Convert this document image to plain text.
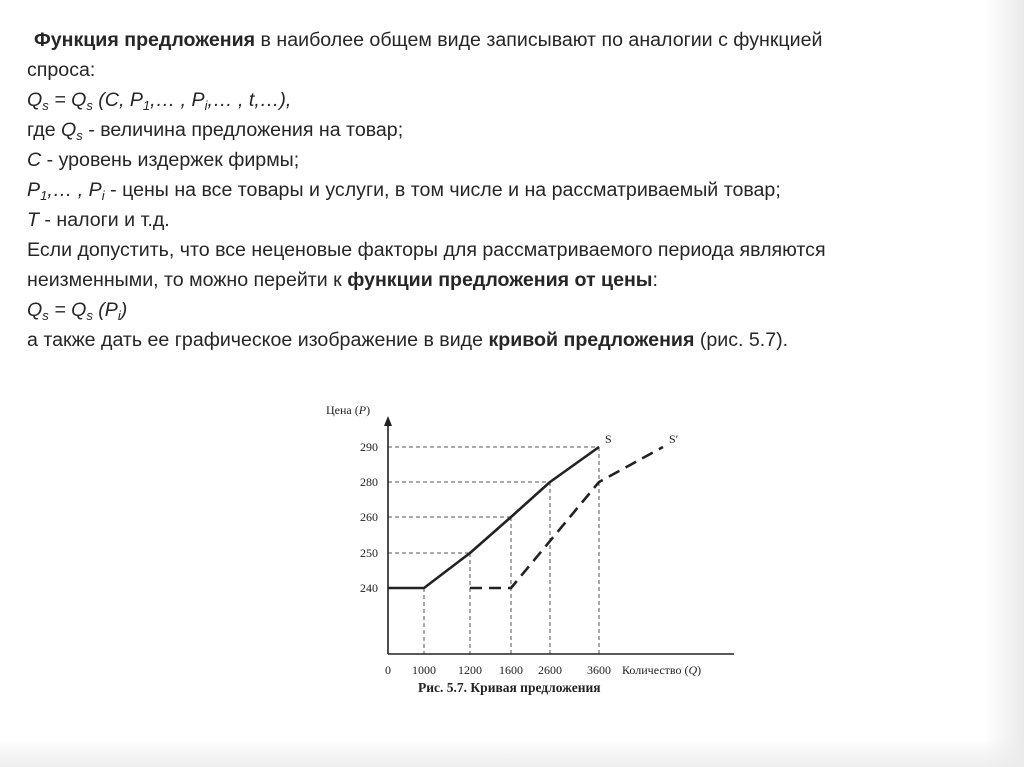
Функция предложения в наиболее общем виде записывают по аналогии с функцией
спроса:
$Q_s = Q_s$ (C, $P_1,\dots$ , $P_i,\dots$ , t,…),
где $Q_s$ - величина предложения на товар;
C - уровень издержек фирмы;
$P_1,\dots$ , $P_i$ - цены на все товары и услуги, в том числе и на рассматриваемый товар;
T - налоги и т.д.
Если допустить, что все неценовые факторы для рассматриваемого периода являются
неизменными, то можно перейти к функции предложения от цены:
$Q_s = Q_s$ $(P_i)$
а также дать ее графическое изображение в виде кривой предложения (рис. 5.7).
S	S′
0 1000 1200 1600 2600 3600
240
250
260
280
290
Цена (P)
Количество (Q)
Рис. 5.7. Кривая предложения
